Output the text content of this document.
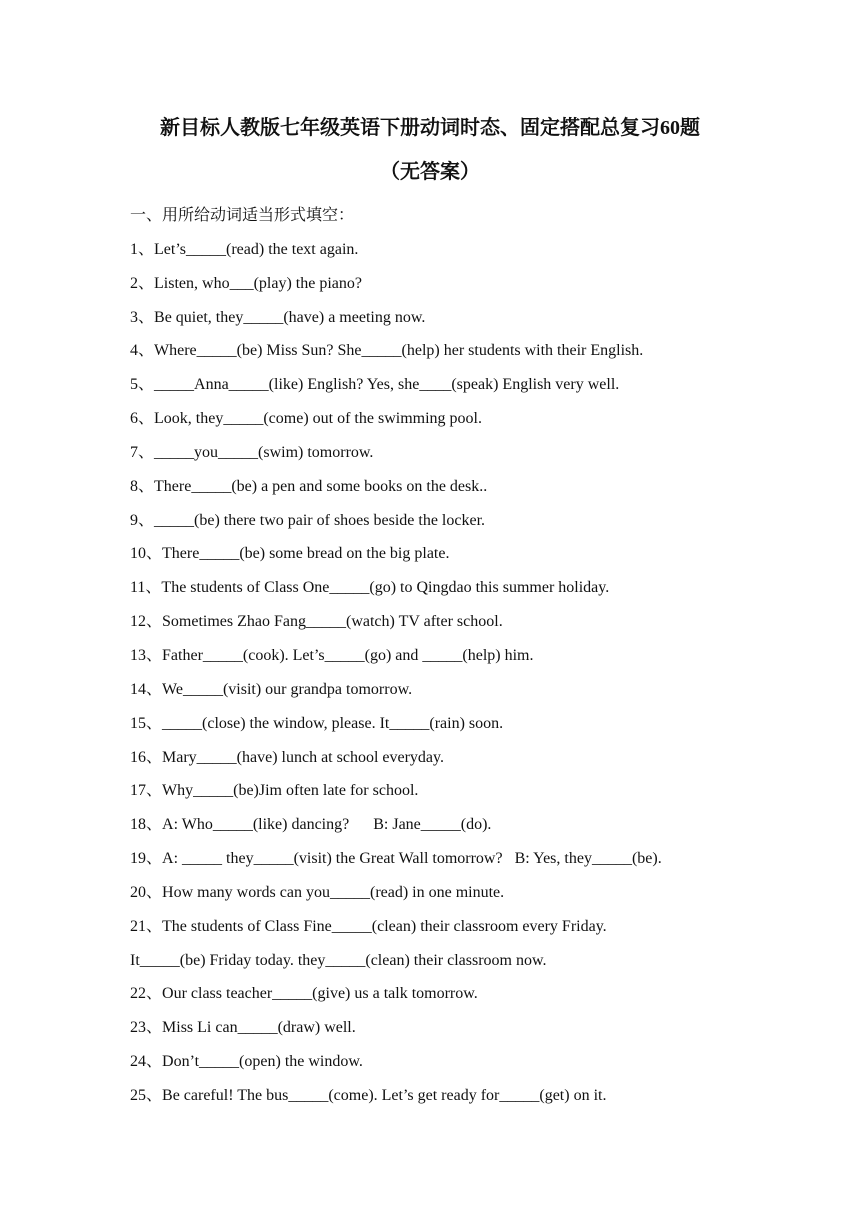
新目标人教版七年级英语下册动词时态、固定搭配总复习60题
（无答案）
一、用所给动词适当形式填空：
1、Let’s_____(read) the text again.
2、Listen, who___(play) the piano?
3、Be quiet, they_____(have) a meeting now.
4、Where_____(be) Miss Sun? She_____(help) her students with their English.
5、_____Anna_____(like) English? Yes, she____(speak) English very well.
6、Look, they_____(come) out of the swimming pool.
7、_____you_____(swim) tomorrow.
8、There_____(be) a pen and some books on the desk..
9、_____(be) there two pair of shoes beside the locker.
10、There_____(be) some bread on the big plate.
11、The students of Class One_____(go) to Qingdao this summer holiday.
12、Sometimes Zhao Fang_____(watch) TV after school.
13、Father_____(cook). Let’s_____(go) and _____(help) him.
14、We_____(visit) our grandpa tomorrow.
15、_____(close) the window, please. It_____(rain) soon.
16、Mary_____(have) lunch at school everyday.
17、Why_____(be)Jim often late for school.
18、A: Who_____(like) dancing?      B: Jane_____(do).
19、A: _____ they_____(visit) the Great Wall tomorrow?   B: Yes, they_____(be).
20、How many words can you_____(read) in one minute.
21、The students of Class Fine_____(clean) their classroom every Friday.
It_____(be) Friday today. they_____(clean) their classroom now.
22、Our class teacher_____(give) us a talk tomorrow.
23、Miss Li can_____(draw) well.
24、Don’t_____(open) the window.
25、Be careful! The bus_____(come). Let’s get ready for_____(get) on it.
